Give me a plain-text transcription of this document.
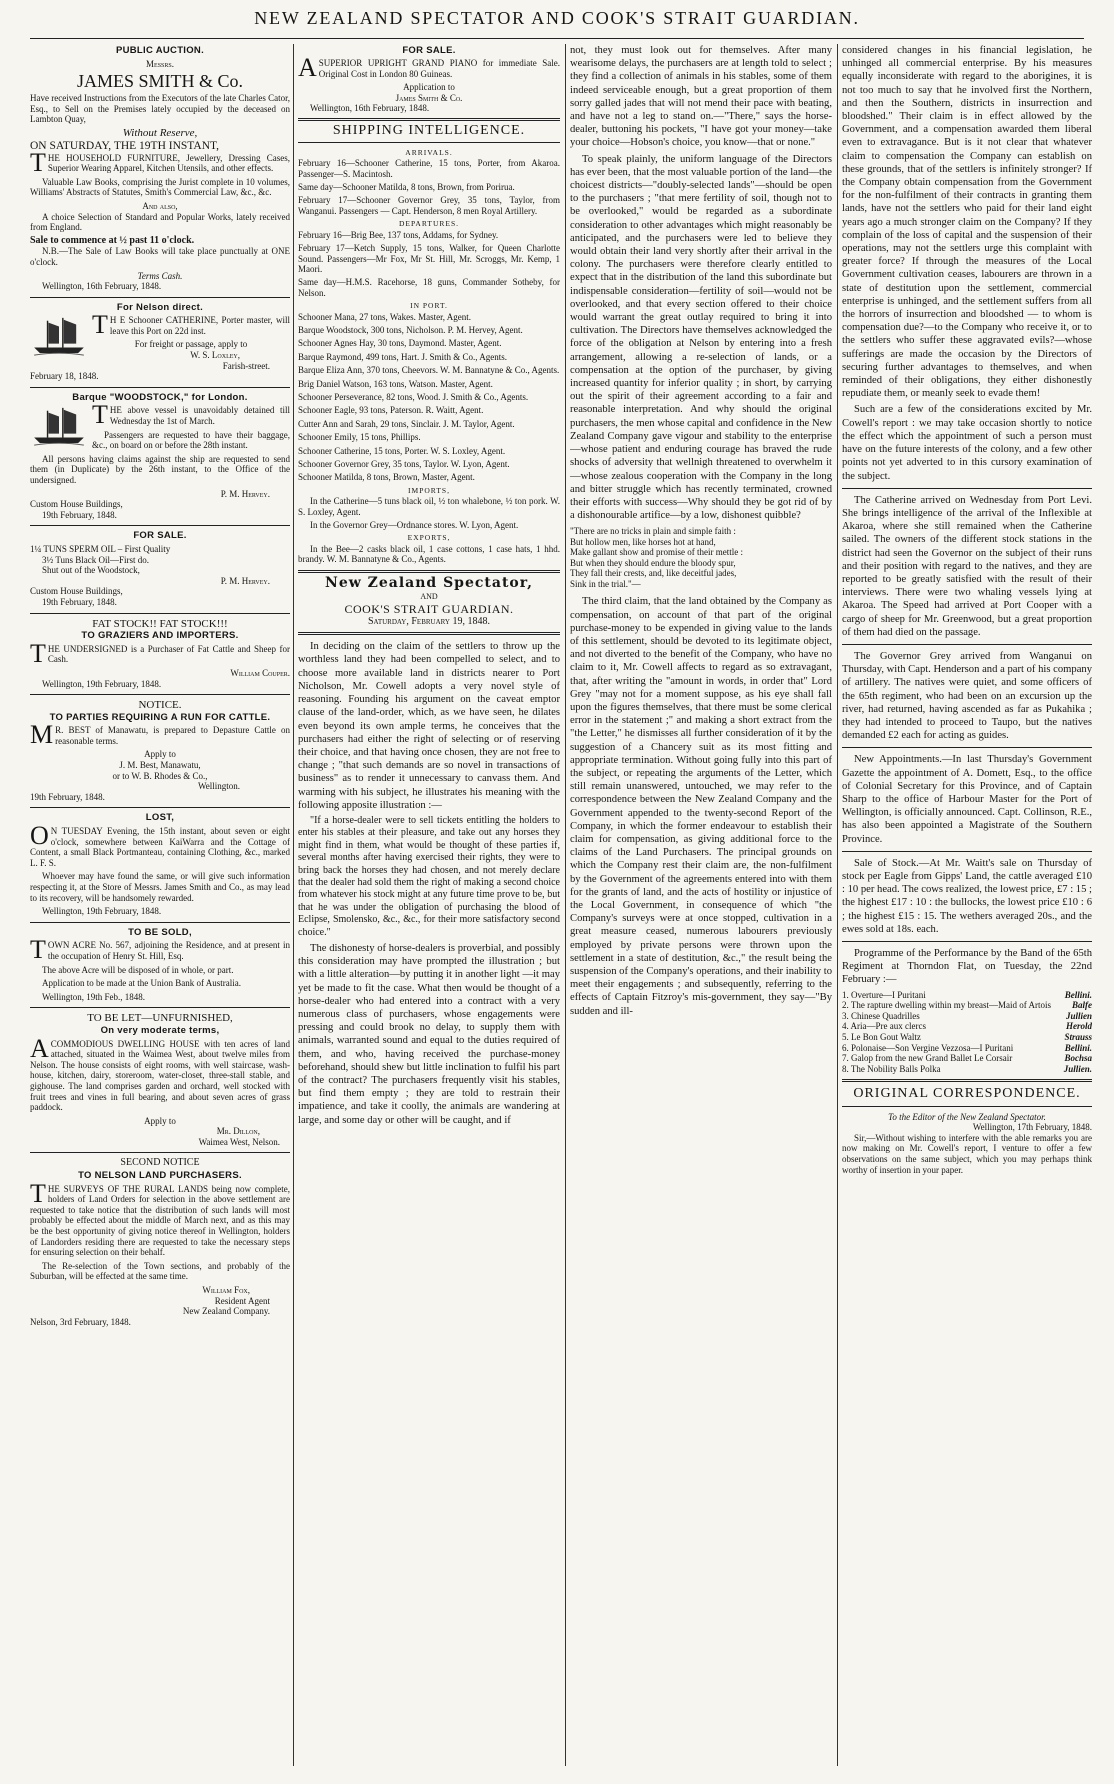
NEW ZEALAND SPECTATOR AND COOK'S STRAIT GUARDIAN.
PUBLIC AUCTION.
Messrs.
JAMES SMITH & Co.

Have received Instructions from the Executors of the late Charles Cator, Esq., to Sell on the Premises lately occupied by the deceased on Lambton Quay,

Without Reserve,
ON SATURDAY, THE 19TH INSTANT,

THE HOUSEHOLD FURNITURE, Jewellery, Dressing Cases, Superior Wearing Apparel, Kitchen Utensils, and other effects.

Valuable Law Books, comprising the Jurist complete in 10 volumes, Williams' Abstracts of Statutes, Smith's Commercial Law, &c., &c.

And also,

A choice Selection of Standard and Popular Works, lately received from England.

Sale to commence at ½ past 11 o'clock.

N.B.—The Sale of Law Books will take place punctually at ONE o'clock.

Terms Cash.
Wellington, 16th February, 1848.
For Nelson direct.

T H E Schooner CATHERINE, Porter master, will leave this Port on 22d inst.

For freight or passage, apply to
W. S. Loxley,
Farish-street.
February 18, 1848.
Barque "WOODSTOCK," for London.

THE above vessel is unavoidably detained till Wednesday the 1st of March.

Passengers are requested to have their baggage, &c., on board on or before the 28th instant.

All persons having claims against the ship are requested to send them (in Duplicate) by the 26th instant, to the Office of the undersigned.

P. M. Hervey.
Custom House Buildings,
19th February, 1848.
FOR SALE.
1¼ TUNS SPERM OIL – First Quality
3½ Tuns Black Oil—First do.
Shut out of the Woodstock,
P. M. Hervey.
Custom House Buildings,
19th February, 1848.
FAT STOCK!! FAT STOCK!!!
TO GRAZIERS AND IMPORTERS.

THE UNDERSIGNED is a Purchaser of Fat Cattle and Sheep for Cash.

William Couper.
Wellington, 19th February, 1848.
NOTICE.
TO PARTIES REQUIRING A RUN FOR CATTLE.

M R. BEST of Manawatu, is prepared to Depasture Cattle on reasonable terms.

Apply to
J. M. Best, Manawatu,
or to W. B. Rhodes & Co.,
Wellington.
19th February, 1848.
LOST,

O N TUESDAY Evening, the 15th instant, about seven or eight o'clock, somewhere between KaiWarra and the Cottage of Content, a small Black Portmanteau, containing Clothing, &c., marked L. F. S.

Whoever may have found the same, or will give such information respecting it, at the Store of Messrs. James Smith and Co., as may lead to its recovery, will be handsomely rewarded.

Wellington, 19th February, 1848.
TO BE SOLD,

TOWN ACRE No. 567, adjoining the Residence, and at present in the occupation of Henry St. Hill, Esq.

The above Acre will be disposed of in whole, or part.

Application to be made at the Union Bank of Australia.

Wellington, 19th Feb., 1848.
TO BE LET—UNFURNISHED,
On very moderate terms,

ACOMMODIOUS DWELLING HOUSE with ten acres of land attached, situated in the Waimea West, about twelve miles from Nelson. The house consists of eight rooms, with well staircase, wash-house, kitchen, dairy, storeroom, water-closet, three-stall stable, and gighouse. The land comprises garden and orchard, well stocked with fruit trees and vines in full bearing, and about seven acres of grass paddock.

Apply to
Mr. Dillon,
Waimea West, Nelson.
SECOND NOTICE
TO NELSON LAND PURCHASERS.

THE SURVEYS OF THE RURAL LANDS being now complete, holders of Land Orders for selection in the above settlement are requested to take notice that the distribution of such lands will most probably be effected about the middle of March next, and as this may be the best opportunity of giving notice thereof in Wellington, holders of Landorders residing there are requested to take the necessary steps for ensuring selection on their behalf.

The Re-selection of the Town sections, and probably of the Suburban, will be effected at the same time.

William Fox,
Resident Agent
New Zealand Company.
Nelson, 3rd February, 1848.
FOR SALE.

ASUPERIOR UPRIGHT GRAND PIANO for immediate Sale. Original Cost in London 80 Guineas.

Application to
James Smith & Co.
Wellington, 16th February, 1848.
SHIPPING INTELLIGENCE.
ARRIVALS.

February 16—Schooner Catherine, 15 tons, Porter, from Akaroa. Passenger—S. Macintosh.

Same day—Schooner Matilda, 8 tons, Brown, from Porirua.

February 17—Schooner Governor Grey, 35 tons, Taylor, from Wanganui. Passengers — Capt. Henderson, 8 men Royal Artillery.

DEPARTURES.

February 16—Brig Bee, 137 tons, Addams, for Sydney.

February 17—Ketch Supply, 15 tons, Walker, for Queen Charlotte Sound. Passengers—Mr Fox, Mr St. Hill, Mr. Scroggs, Mr. Kemp, 1 Maori.

Same day—H.M.S. Racehorse, 18 guns, Commander Sotheby, for Nelson.

IN PORT.

Schooner Mana, 27 tons, Wakes. Master, Agent.

Barque Woodstock, 300 tons, Nicholson. P. M. Hervey, Agent.

Schooner Agnes Hay, 30 tons, Daymond. Master, Agent.

Barque Raymond, 499 tons, Hart. J. Smith & Co., Agents.

Barque Eliza Ann, 370 tons, Cheevors. W. M. Bannatyne & Co., Agents.

Brig Daniel Watson, 163 tons, Watson. Master, Agent.

Schooner Perseverance, 82 tons, Wood. J. Smith & Co., Agents.

Schooner Eagle, 93 tons, Paterson. R. Waitt, Agent.

Cutter Ann and Sarah, 29 tons, Sinclair. J. M. Taylor, Agent.

Schooner Emily, 15 tons, Phillips.

Schooner Catherine, 15 tons, Porter. W. S. Loxley, Agent.

Schooner Governor Grey, 35 tons, Taylor. W. Lyon, Agent.

Schooner Matilda, 8 tons, Brown, Master, Agent.

IMPORTS,

In the Catherine—5 tuns black oil, ½ ton whalebone, ½ ton pork. W. S. Loxley, Agent.

In the Governor Grey—Ordnance stores. W. Lyon, Agent.

EXPORTS,

In the Bee—2 casks black oil, 1 case cottons, 1 case hats, 1 hhd. brandy. W. M. Bannatyne & Co., Agents.

New Zealand Spectator,
AND
COOK'S STRAIT GUARDIAN.
Saturday, February 19, 1848.

In deciding on the claim of the settlers to throw up the worthless land they had been compelled to select, and to choose more available land in districts nearer to Port Nicholson, Mr. Cowell adopts a very novel style of reasoning. Founding his argument on the caveat emptor clause of the land-order, which, as we have seen, he dilates even beyond its own ample terms, he conceives that the purchasers had either the right of selecting or of reserving their choice, and that having once chosen, they are not free to change ; "that such demands are so novel in transactions of business" as to render it unnecessary to canvass them. And warming with his subject, he illustrates his meaning with the following apposite illustration :—

"If a horse-dealer were to sell tickets entitling the holders to enter his stables at their pleasure, and take out any horses they might find in them, what would be thought of these parties if, several months after having exercised their rights, they were to bring back the horses they had chosen, and not merely declare that the dealer had sold them the right of making a second choice from whatever his stock might at any future time prove to be, but that he was under the obligation of purchasing the blood of Eclipse, Smolensko, &c., &c., for their more satisfactory second choice."

The dishonesty of horse-dealers is proverbial, and possibly this consideration may have prompted the illustration ; but with a little alteration—by putting it in another light —it may yet be made to fit the case. What then would be thought of a horse-dealer who had entered into a contract with a very numerous class of purchasers, whose engagements were pressing and could brook no delay, to supply them with animals, warranted sound and equal to the duties required of them, and who, having received the purchase-money beforehand, should shew but little inclination to fulfil his part of the contract? The purchasers frequently visit his stables, but find them empty ; they are told to restrain their impatience, and take it coolly, the animals are wandering at large, and some day or other will be caught, and if

not, they must look out for themselves. After many wearisome delays, the purchasers are at length told to select ; they find a collection of animals in his stables, some of them indeed serviceable enough, but a great proportion of them sorry galled jades that will not mend their pace with beating, and have not a leg to stand on.—"There," says the horse-dealer, buttoning his pockets, "I have got your money—take your choice—Hobson's choice, you know—that or none."

To speak plainly, the uniform language of the Directors has ever been, that the most valuable portion of the land—the choicest districts—"doubly-selected lands"—should be open to the purchasers ; "that mere fertility of soil, though not to be overlooked," would be regarded as a subordinate consideration to other advantages which might reasonably be anticipated, and the purchasers were led to believe they would obtain their land very shortly after their arrival in the colony. The purchasers were therefore clearly entitled to expect that in the distribution of the land this subordinate but indispensable consideration—fertility of soil—would not be overlooked, and that every section offered to their choice would warrant the great outlay required to bring it into cultivation. The Directors have themselves acknowledged the force of the obligation at Nelson by entering into a fresh arrangement, allowing a re-selection of lands, or a compensation at the option of the purchaser, by giving increased quantity for inferior quality ; in short, by carrying out the spirit of their agreement according to a fair and reasonable interpretation. And why should the original purchasers, the men whose capital and confidence in the New Zealand Company gave vigour and stability to the enterprise—whose patient and enduring courage has braved the rude shocks of adversity that wellnigh threatened to overwhelm it—whose zealous cooperation with the Company in the long and bitter struggle which has recently terminated, crowned their efforts with success—Why should they be got rid of by a dishonourable artifice—by a low, dishonest quibble?

"There are no tricks in plain and simple faith :
But hollow men, like horses hot at hand,
Make gallant show and promise of their mettle :
But when they should endure the bloody spur,
They fall their crests, and, like deceitful jades,
Sink in the trial."—

The third claim, that the land obtained by the Company as compensation, on account of that part of the original purchase-money to be expended in giving value to the lands of this settlement, should be devoted to its legitimate object, and not diverted to the benefit of the Company, who have no claim to it, Mr. Cowell affects to regard as so extravagant, that, after writing the "amount in words, in order that" Lord Grey "may not for a moment suppose, as his eye shall fall upon the figures themselves, that there must be some clerical error in the statement ;" and making a short extract from the "the Letter," he dismisses all further consideration of it by the suggestion of a Chancery suit as its most fitting and appropriate termination. Without going fully into this part of the subject, or repeating the arguments of the Letter, which still remain unanswered, untouched, we may refer to the correspondence between the New Zealand Company and the Government appended to the twenty-second Report of the Company, in which the former endeavour to establish their claim for compensation, as giving additional force to the claims of the Land Purchasers. The principal grounds on which the Company rest their claim are, the non-fulfilment by the Government of the agreements entered into with them for the grants of land, and the acts of hostility or injustice of the Local Government, in consequence of which "the Company's surveys were at once stopped, cultivation in a great measure ceased, numerous labourers previously employed by private persons were thrown upon the settlement in a state of destitution, &c.," the result being the suspension of the Company's operations, and their inability to meet their engagements ; and subsequently, referring to the effects of Captain Fitzroy's mis-government, they say—"By sudden and ill-

considered changes in his financial legislation, he unhinged all commercial enterprise. By his measures equally inconsiderate with regard to the aborigines, it is not too much to say that he involved first the Northern, and then the Southern, districts in insurrection and bloodshed." Their claim is in effect allowed by the Government, and a compensation awarded them liberal even to extravagance. But is it not clear that whatever claim to compensation the Company can establish on these grounds, that of the settlers is infinitely stronger? If the Company obtain compensation from the Government for the non-fulfilment of their contracts in granting them lands, have not the settlers who paid for their land eight years ago a much stronger claim on the Company? If they complain of the loss of capital and the suspension of their operations, may not the settlers urge this complaint with greater force? If through the measures of the Local Government cultivation ceases, labourers are thrown in a state of destitution upon the settlement, commercial enterprise is unhinged, and the settlement suffers from all the horrors of insurrection and bloodshed — to whom is compensation due?—to the Company who receive it, or to the settlers who suffer these aggravated evils?—whose sufferings are made the occasion by the Directors of securing further advantages to themselves, and when reminded of their obligations, they either dishonestly repudiate them, or meanly seek to evade them!

Such are a few of the considerations excited by Mr. Cowell's report : we may take occasion shortly to notice the effect which the appointment of such a person must have on the future interests of the colony, and a few other points not yet adverted to in this cursory examination of the subject.

The Catherine arrived on Wednesday from Port Levi. She brings intelligence of the arrival of the Inflexible at Akaroa, where she still remained when the Catherine sailed. The owners of the different stock stations in the district had seen the Governor on the subject of their runs and their position with regard to the natives, and they are reported to be greatly satisfied with the result of their interviews. There were two whaling vessels lying at Akaroa. The Speed had arrived at Port Cooper with a cargo of sheep for Mr. Greenwood, but a great proportion of them had died on the passage.

The Governor Grey arrived from Wanganui on Thursday, with Capt. Henderson and a part of his company of artillery. The natives were quiet, and some officers of the 65th regiment, who had been on an excursion up the river, had returned, having ascended as far as Pukahika ; they had intended to proceed to Taupo, but the natives demanded £2 each for acting as guides.

New Appointments.—In last Thursday's Government Gazette the appointment of A. Domett, Esq., to the office of Colonial Secretary for this Province, and of Captain Sharp to the office of Harbour Master for the Port of Wellington, is officially announced. Capt. Collinson, R.E., has also been appointed a Magistrate of the Southern Province.

Sale of Stock.—At Mr. Waitt's sale on Thursday of stock per Eagle from Gipps' Land, the cattle averaged £10 : 10 per head. The cows realized, the lowest price, £7 : 15 ; the highest £17 : 10 : the bullocks, the lowest price £10 : 6 ; the highest £15 : 15. The wethers averaged 20s., and the ewes sold at 18s. each.

Programme of the Performance by the Band of the 65th Regiment at Thorndon Flat, on Tuesday, the 22nd February :—

1. Overture—I Puritani	Bellini.
2. The rapture dwelling within my breast—Maid of Artois Balfe
3. Chinese Quadrilles	Jullien
4. Aria—Pre aux clercs	Herold
5. Le Bon Gout Waltz	Strauss
6. Polonaise—Son Vergine Vezzosa—I Puritani	Bellini.
7. Galop from the new Grand Ballet Le Corsair	Bochsa
8. The Nobility Balls Polka	Jullien.
ORIGINAL CORRESPONDENCE.
To the Editor of the New Zealand Spectator.
Wellington, 17th February, 1848.

Sir,—Without wishing to interfere with the able remarks you are now making on Mr. Cowell's report, I venture to offer a few observations on the same subject, which you may perhaps think worthy of insertion in your paper.
